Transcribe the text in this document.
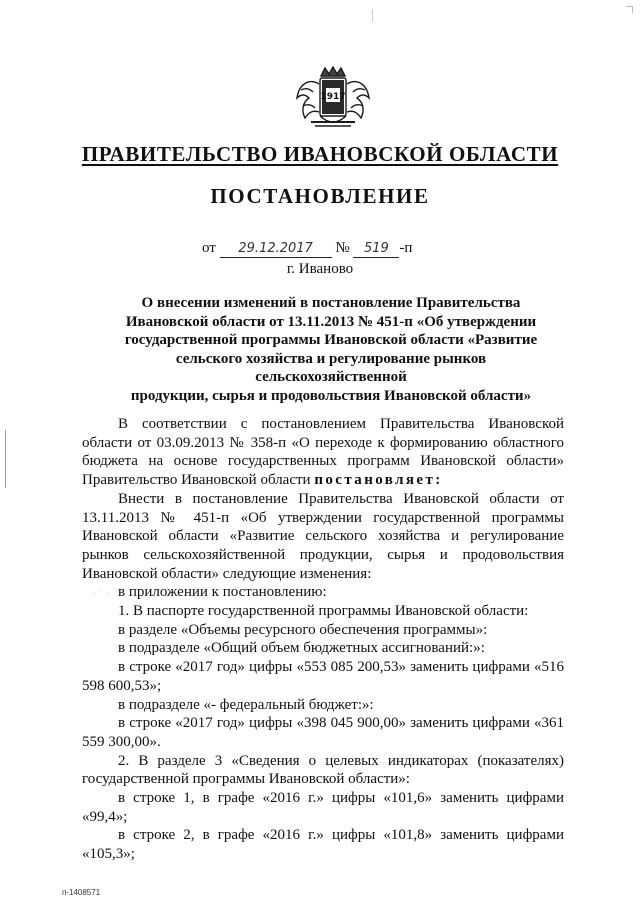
1917
ПРАВИТЕЛЬСТВО ИВАНОВСКОЙ ОБЛАСТИ
ПОСТАНОВЛЕНИЕ
от 29.12.2017 № 519 -п
г. Иваново
О внесении изменений в постановление Правительства
Ивановской области от 13.11.2013 № 451-п «Об утверждении
государственной программы Ивановской области «Развитие
сельского хозяйства и регулирование рынков сельскохозяйственной
продукции, сырья и продовольствия Ивановской области»
· ˙ ·

В соответствии с постановлением Правительства Ивановской области от 03.09.2013 № 358-п «О переходе к формированию областного бюджета на основе государственных программ Ивановской области» Правительство Ивановской области постановляет:

Внести в постановление Правительства Ивановской области от 13.11.2013 № 451-п «Об утверждении государственной программы Ивановской области «Развитие сельского хозяйства и регулирование рынков сельскохозяйственной продукции, сырья и продовольствия Ивановской области» следующие изменения:

в приложении к постановлению:

1. В паспорте государственной программы Ивановской области:

в разделе «Объемы ресурсного обеспечения программы»:

в подразделе «Общий объем бюджетных ассигнований:»:

в строке «2017 год» цифры «553 085 200,53» заменить цифрами «516 598 600,53»;

в подразделе «- федеральный бюджет:»:

в строке «2017 год» цифры «398 045 900,00» заменить цифрами «361 559 300,00».

2. В разделе 3 «Сведения о целевых индикаторах (показателях) государственной программы Ивановской области»:

в строке 1, в графе «2016 г.» цифры «101,6» заменить цифрами «99,4»;

в строке 2, в графе «2016 г.» цифры «101,8» заменить цифрами «105,3»;

п-1408571
